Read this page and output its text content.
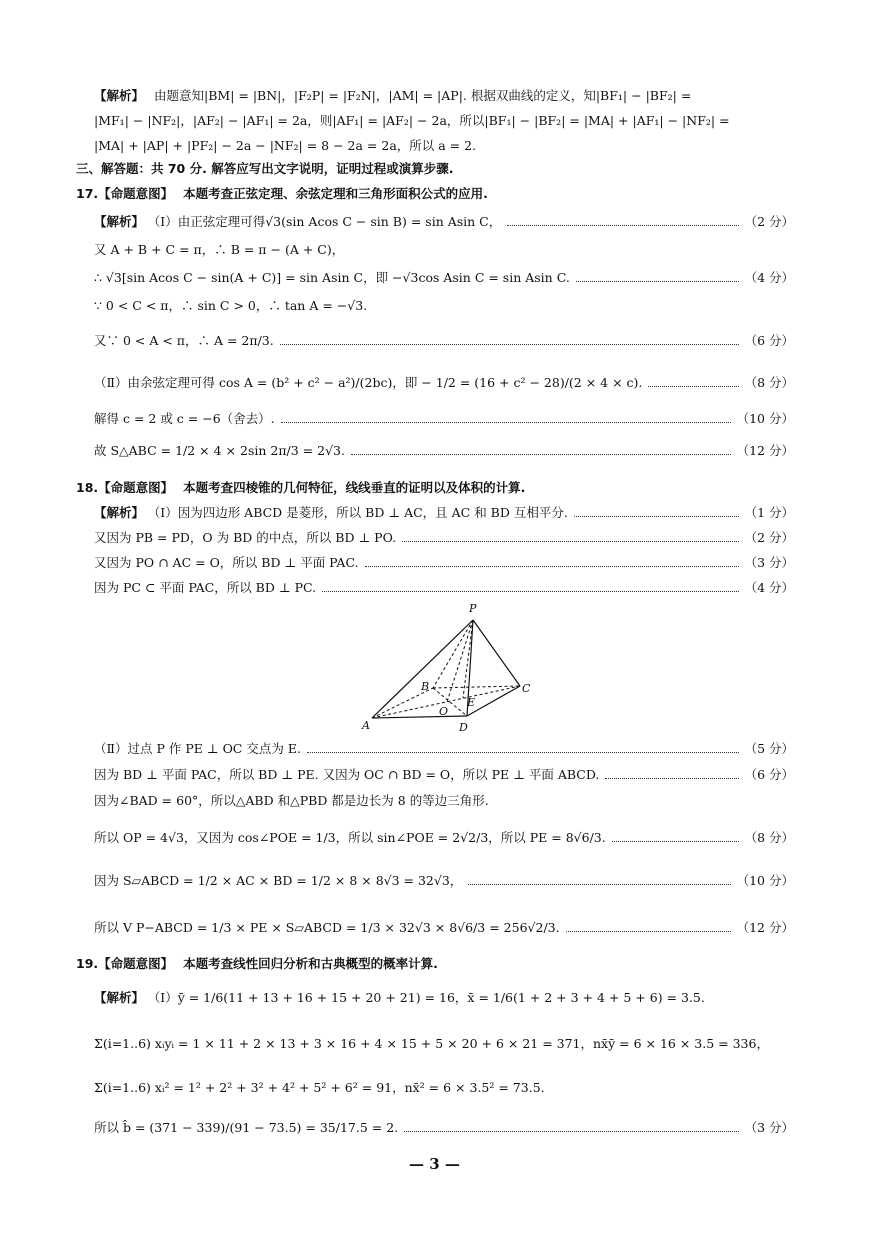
【解析】 由题意知|BM| = |BN|，|F₂P| = |F₂N|，|AM| = |AP|. 根据双曲线的定义，知|BF₁| − |BF₂| =
|MF₁| − |NF₂|，|AF₂| − |AF₁| = 2a，则|AF₁| = |AF₂| − 2a，所以|BF₁| − |BF₂| = |MA| + |AF₁| − |NF₂| =
|MA| + |AP| + |PF₂| − 2a − |NF₂| = 8 − 2a = 2a，所以 a = 2.
三、解答题：共 70 分. 解答应写出文字说明，证明过程或演算步骤.
17.【命题意图】 本题考查正弦定理、余弦定理和三角形面积公式的应用.
【解析】 （Ⅰ）由正弦定理可得√3(sin Acos C − sin B) = sin Asin C，	（2 分）
又 A + B + C = π，∴ B = π − (A + C)，
∴ √3[sin Acos C − sin(A + C)] = sin Asin C，即 −√3cos Asin C = sin Asin C.	（4 分）
∵ 0 < C < π，∴ sin C > 0，∴ tan A = −√3.
又∵ 0 < A < π，∴ A = 2π/3.	（6 分）
（Ⅱ）由余弦定理可得 cos A = (b² + c² − a²)/(2bc)，即 − 1/2 = (16 + c² − 28)/(2 × 4 × c).	（8 分）
解得 c = 2 或 c = −6（舍去）.	（10 分）
故 S△ABC = 1/2 × 4 × 2sin 2π/3 = 2√3.	（12 分）
18.【命题意图】 本题考查四棱锥的几何特征，线线垂直的证明以及体积的计算.
【解析】 （Ⅰ）因为四边形 ABCD 是菱形，所以 BD ⊥ AC，且 AC 和 BD 互相平分.	（1 分）
又因为 PB = PD，O 为 BD 的中点，所以 BD ⊥ PO.	（2 分）
又因为 PO ∩ AC = O，所以 BD ⊥ 平面 PAC.	（3 分）
因为 PC ⊂ 平面 PAC，所以 BD ⊥ PC.	（4 分）
P
B	C
O
E
A	D
（Ⅱ）过点 P 作 PE ⊥ OC 交点为 E.	（5 分）
因为 BD ⊥ 平面 PAC，所以 BD ⊥ PE. 又因为 OC ∩ BD = O，所以 PE ⊥ 平面 ABCD.	（6 分）
因为∠BAD = 60°，所以△ABD 和△PBD 都是边长为 8 的等边三角形.
所以 OP = 4√3，又因为 cos∠POE = 1/3，所以 sin∠POE = 2√2/3，所以 PE = 8√6/3.	（8 分）
因为 S▱ABCD = 1/2 × AC × BD = 1/2 × 8 × 8√3 = 32√3，	（10 分）
所以 V P−ABCD = 1/3 × PE × S▱ABCD = 1/3 × 32√3 × 8√6/3 = 256√2/3.	（12 分）
19.【命题意图】 本题考查线性回归分析和古典概型的概率计算.
【解析】 （Ⅰ）ȳ = 1/6(11 + 13 + 16 + 15 + 20 + 21) = 16，x̄ = 1/6(1 + 2 + 3 + 4 + 5 + 6) = 3.5.
Σ(i=1..6) xᵢyᵢ = 1 × 11 + 2 × 13 + 3 × 16 + 4 × 15 + 5 × 20 + 6 × 21 = 371，nx̄ȳ = 6 × 16 × 3.5 = 336，
Σ(i=1..6) xᵢ² = 1² + 2² + 3² + 4² + 5² + 6² = 91，nx̄² = 6 × 3.5² = 73.5.
所以 b̂ = (371 − 339)/(91 − 73.5) = 35/17.5 = 2.	（3 分）
— 3 —
